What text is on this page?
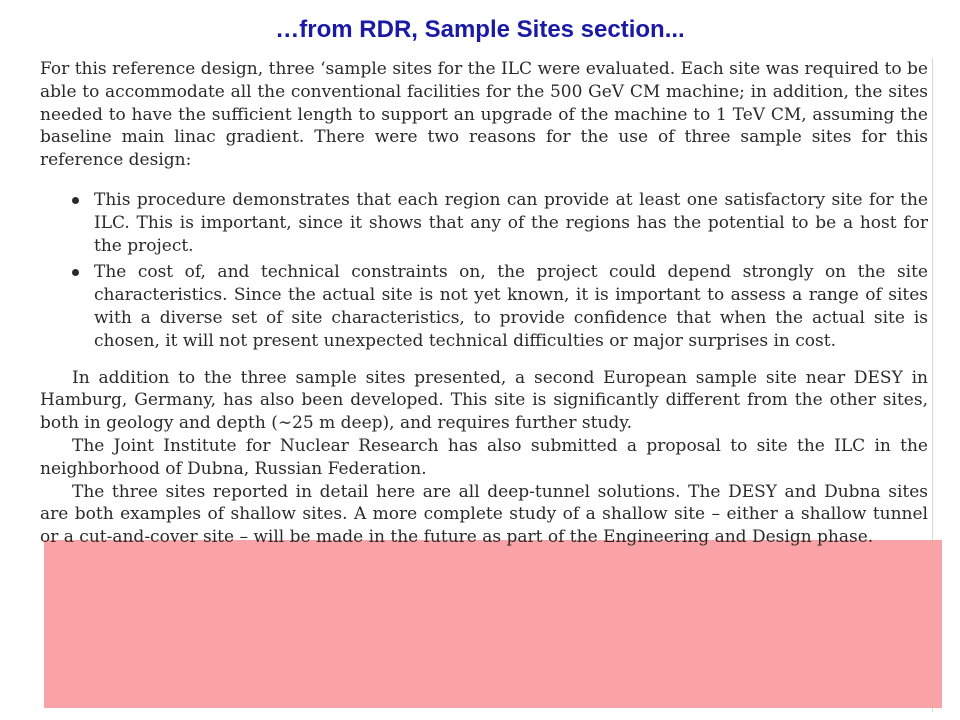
…from RDR, Sample Sites section...

For this reference design, three ‘sample sites for the ILC were evaluated. Each site was required to be able to accommodate all the conventional facilities for the 500 GeV CM machine; in addition, the sites needed to have the sufficient length to support an upgrade of the machine to 1 TeV CM, assuming the baseline main linac gradient. There were two reasons for the use of three sample sites for this reference design:

This procedure demonstrates that each region can provide at least one satisfactory site for the ILC. This is important, since it shows that any of the regions has the potential to be a host for the project.
The cost of, and technical constraints on, the project could depend strongly on the site characteristics. Since the actual site is not yet known, it is important to assess a range of sites with a diverse set of site characteristics, to provide confidence that when the actual site is chosen, it will not present unexpected technical difficulties or major surprises in cost.

In addition to the three sample sites presented, a second European sample site near DESY in Hamburg, Germany, has also been developed. This site is significantly different from the other sites, both in geology and depth (∼25 m deep), and requires further study.

The Joint Institute for Nuclear Research has also submitted a proposal to site the ILC in the neighborhood of Dubna, Russian Federation.

The three sites reported in detail here are all deep-tunnel solutions. The DESY and Dubna sites are both examples of shallow sites. A more complete study of a shallow site – either a shallow tunnel or a cut-and-cover site – will be made in the future as part of the Engineering and Design phase.
